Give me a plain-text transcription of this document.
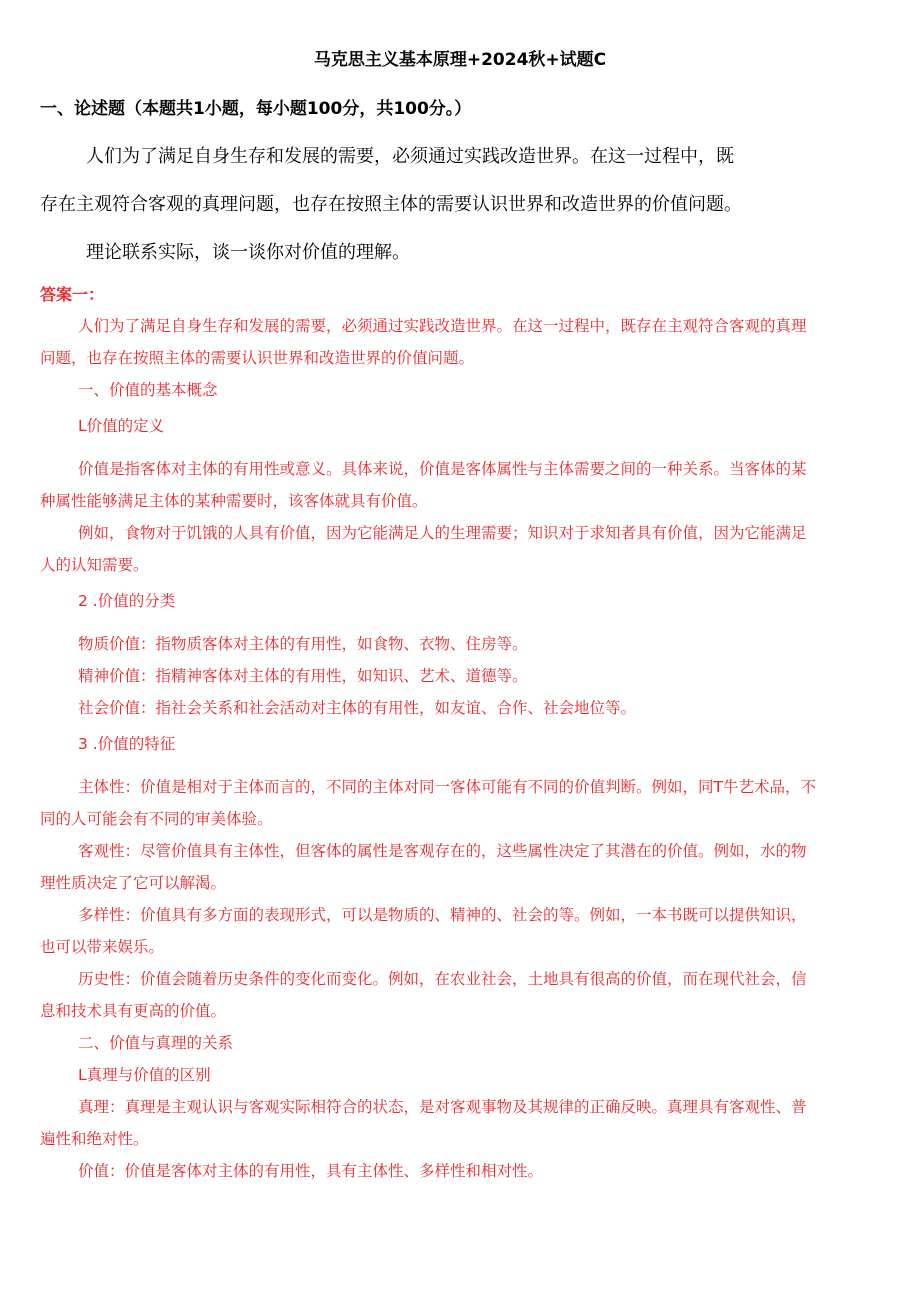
马克思主义基本原理+2024秋+试题C
一、论述题（本题共1小题，每小题100分，共100分。）
人们为了满足自身生存和发展的需要，必须通过实践改造世界。在这一过程中，既
存在主观符合客观的真理问题，也存在按照主体的需要认识世界和改造世界的价值问题。
理论联系实际，谈一谈你对价值的理解。
答案一：
人们为了满足自身生存和发展的需要，必须通过实践改造世界。在这一过程中，既存在主观符合客观的真理
问题，也存在按照主体的需要认识世界和改造世界的价值问题。
一、价值的基本概念
L价值的定义
价值是指客体对主体的有用性或意义。具体来说，价值是客体属性与主体需要之间的一种关系。当客体的某
种属性能够满足主体的某种需要时，该客体就具有价值。
例如，食物对于饥饿的人具有价值，因为它能满足人的生理需要；知识对于求知者具有价值，因为它能满足
人的认知需要。
2 .价值的分类
物质价值：指物质客体对主体的有用性，如食物、衣物、住房等。
精神价值：指精神客体对主体的有用性，如知识、艺术、道德等。
社会价值：指社会关系和社会活动对主体的有用性，如友谊、合作、社会地位等。
3 .价值的特征
主体性：价值是相对于主体而言的，不同的主体对同一客体可能有不同的价值判断。例如，同T牛艺术品，不
同的人可能会有不同的审美体验。
客观性：尽管价值具有主体性，但客体的属性是客观存在的，这些属性决定了其潜在的价值。例如，水的物
理性质决定了它可以解渴。
多样性：价值具有多方面的表现形式，可以是物质的、精神的、社会的等。例如，一本书既可以提供知识，
也可以带来娱乐。
历史性：价值会随着历史条件的变化而变化。例如，在农业社会，土地具有很高的价值，而在现代社会，信
息和技术具有更高的价值。
二、价值与真理的关系
L真理与价值的区别
真理：真理是主观认识与客观实际相符合的状态，是对客观事物及其规律的正确反映。真理具有客观性、普
遍性和绝对性。
价值：价值是客体对主体的有用性，具有主体性、多样性和相对性。
